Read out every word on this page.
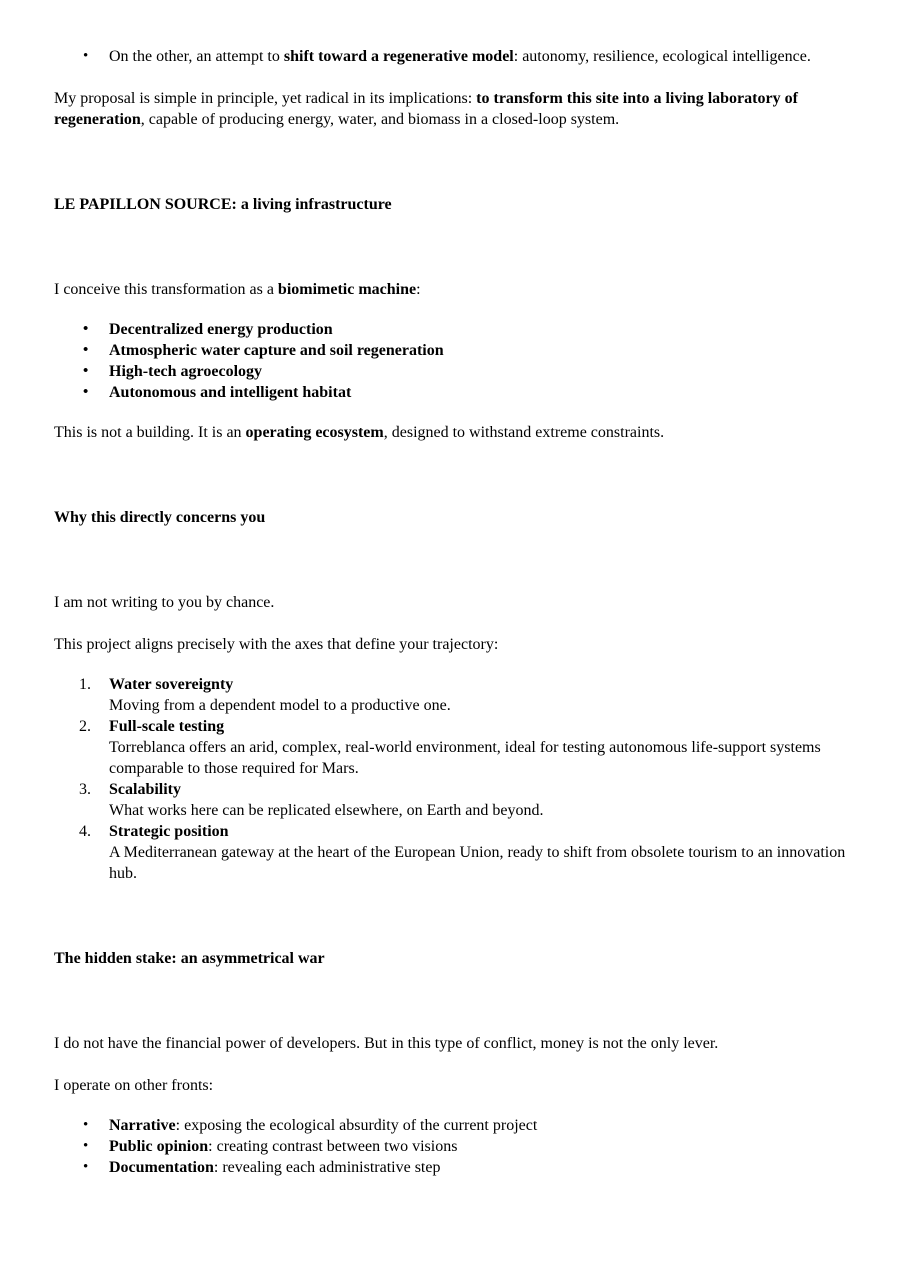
• On the other, an attempt to shift toward a regenerative model: autonomy, resilience, ecological intelligence.

My proposal is simple in principle, yet radical in its implications: to transform this site into a living laboratory of regeneration, capable of producing energy, water, and biomass in a closed-loop system.

LE PAPILLON SOURCE: a living infrastructure

I conceive this transformation as a biomimetic machine:

• Decentralized energy production
• Atmospheric water capture and soil regeneration
• High-tech agroecology
• Autonomous and intelligent habitat

This is not a building. It is an operating ecosystem, designed to withstand extreme constraints.

Why this directly concerns you

I am not writing to you by chance.

This project aligns precisely with the axes that define your trajectory:

Water sovereignty
Moving from a dependent model to a productive one.
Full-scale testing
Torreblanca offers an arid, complex, real-world environment, ideal for testing autonomous life-support systems comparable to those required for Mars.
Scalability
What works here can be replicated elsewhere, on Earth and beyond.
Strategic position
A Mediterranean gateway at the heart of the European Union, ready to shift from obsolete tourism to an innovation hub.
The hidden stake: an asymmetrical war

I do not have the financial power of developers. But in this type of conflict, money is not the only lever.

I operate on other fronts:

• Narrative: exposing the ecological absurdity of the current project
• Public opinion: creating contrast between two visions
• Documentation: revealing each administrative step
